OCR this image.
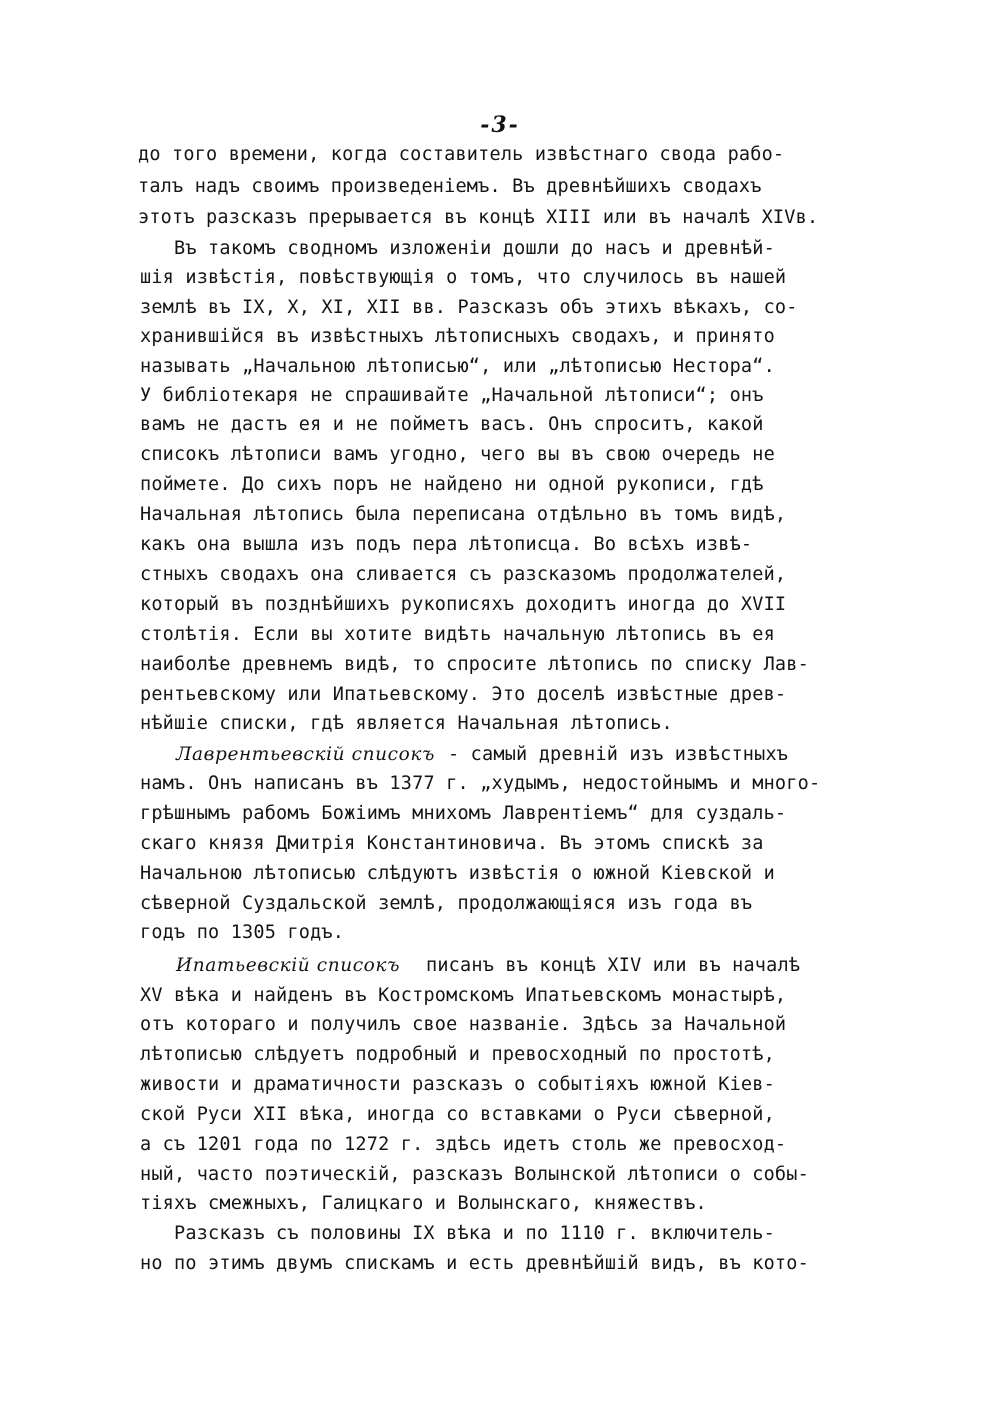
-3-
до того времени, когда составитель извѣстнаго свода рабо-
талъ надъ своимъ произведеніемъ. Въ древнѣйшихъ сводахъ
этотъ разсказъ прерывается въ концѣ XIII или въ началѣ XIVв.
Въ такомъ сводномъ изложеніи дошли до насъ и древнѣй-
шія извѣстія, повѣствующія о томъ, что случилось въ нашей
землѣ въ IX, X, XI, XII вв. Разсказъ объ этихъ вѣкахъ, со-
хранившійся въ извѣстныхъ лѣтописныхъ сводахъ, и принято
называть „Начальною лѣтописью“, или „лѣтописью Нестора“.
У библіотекаря не спрашивайте „Начальной лѣтописи“; онъ
вамъ не дастъ ея и не пойметъ васъ. Онъ спроситъ, какой
списокъ лѣтописи вамъ угодно, чего вы въ свою очередь не
поймете. До сихъ поръ не найдено ни одной рукописи, гдѣ
Начальная лѣтопись была переписана отдѣльно въ томъ видѣ,
какъ она вышла изъ подъ пера лѣтописца. Во всѣхъ извѣ-
стныхъ сводахъ она сливается съ разсказомъ продолжателей,
который въ позднѣйшихъ рукописяхъ доходитъ иногда до XVII
столѣтія. Если вы хотите видѣть начальную лѣтопись въ ея
наиболѣе древнемъ видѣ, то спросите лѣтопись по списку Лав-
рентьевскому или Ипатьевскому. Это доселѣ извѣстные древ-
нѣйшіе списки, гдѣ является Начальная лѣтопись.
Лаврентьевскій списокъ - самый древній изъ извѣстныхъ
намъ. Онъ написанъ въ 1377 г. „худымъ, недостойнымъ и много-
грѣшнымъ рабомъ Божіимъ мнихомъ Лаврентіемъ“ для суздаль-
скаго князя Дмитрія Константиновича. Въ этомъ спискѣ за
Начальною лѣтописью слѣдуютъ извѣстія о южной Кіевской и
сѣверной Суздальской землѣ, продолжающіяся изъ года въ
годъ по 1305 годъ.
Ипатьевскій списокъ писанъ въ концѣ XIV или въ началѣ
XV вѣка и найденъ въ Костромскомъ Ипатьевскомъ монастырѣ,
отъ котораго и получилъ свое названіе. Здѣсь за Начальной
лѣтописью слѣдуетъ подробный и превосходный по простотѣ,
живости и драматичности разсказъ о событіяхъ южной Кіев-
ской Руси XII вѣка, иногда со вставками о Руси сѣверной,
а съ 1201 года по 1272 г. здѣсь идетъ столь же превосход-
ный, часто поэтическій, разсказъ Волынской лѣтописи о собы-
тіяхъ смежныхъ, Галицкаго и Волынскаго, княжествъ.
Разсказъ съ половины IX вѣка и по 1110 г. включитель-
но по этимъ двумъ спискамъ и есть древнѣйшій видъ, въ кото-
